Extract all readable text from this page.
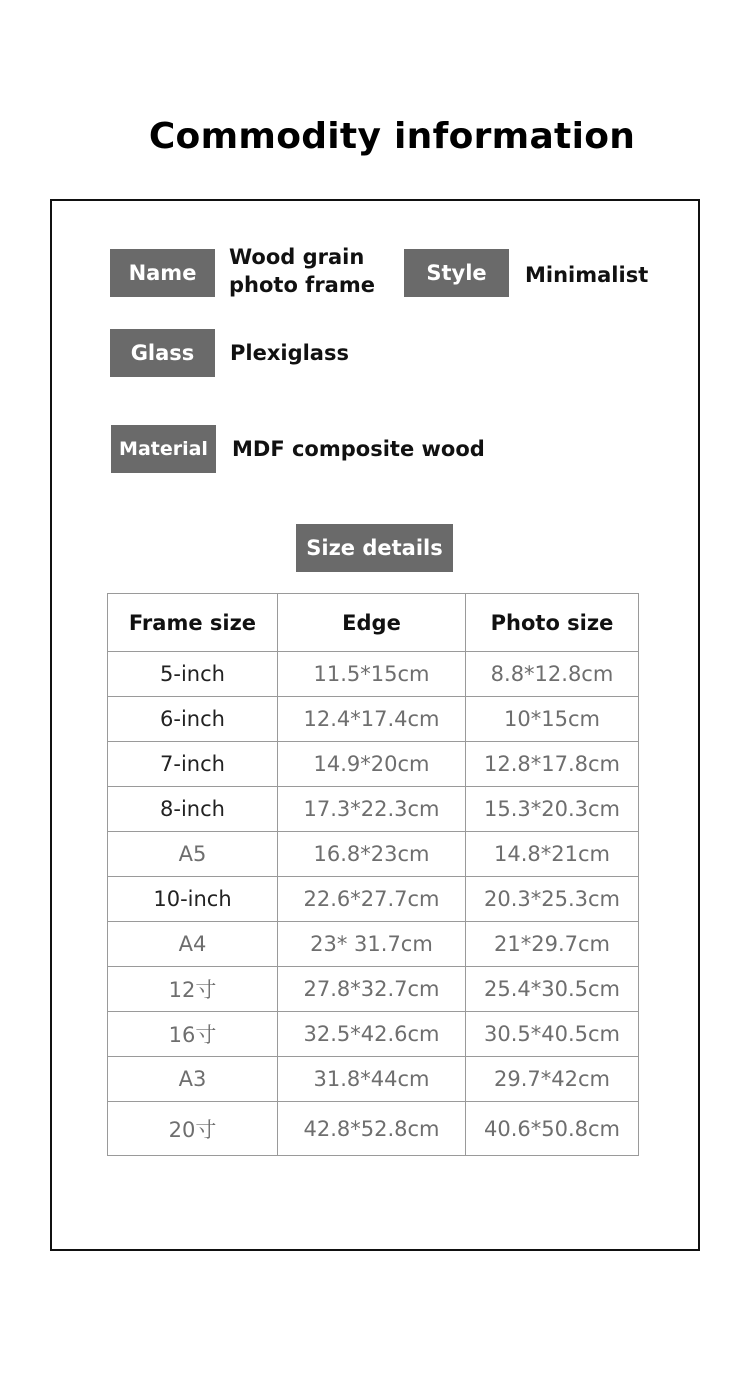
Commodity information
Name
Wood grain
photo frame	Style	Minimalist
Glass	Plexiglass
Material	MDF composite wood
Size details
Frame size	Edge	Photo size
5-inch	11.5*15cm	8.8*12.8cm
6-inch	12.4*17.4cm	10*15cm
7-inch	14.9*20cm	12.8*17.8cm
8-inch	17.3*22.3cm	15.3*20.3cm
A5	16.8*23cm	14.8*21cm
10-inch	22.6*27.7cm	20.3*25.3cm
A4	23* 31.7cm	21*29.7cm
12寸	27.8*32.7cm	25.4*30.5cm
16寸	32.5*42.6cm	30.5*40.5cm
A3	31.8*44cm	29.7*42cm
20寸	42.8*52.8cm	40.6*50.8cm
